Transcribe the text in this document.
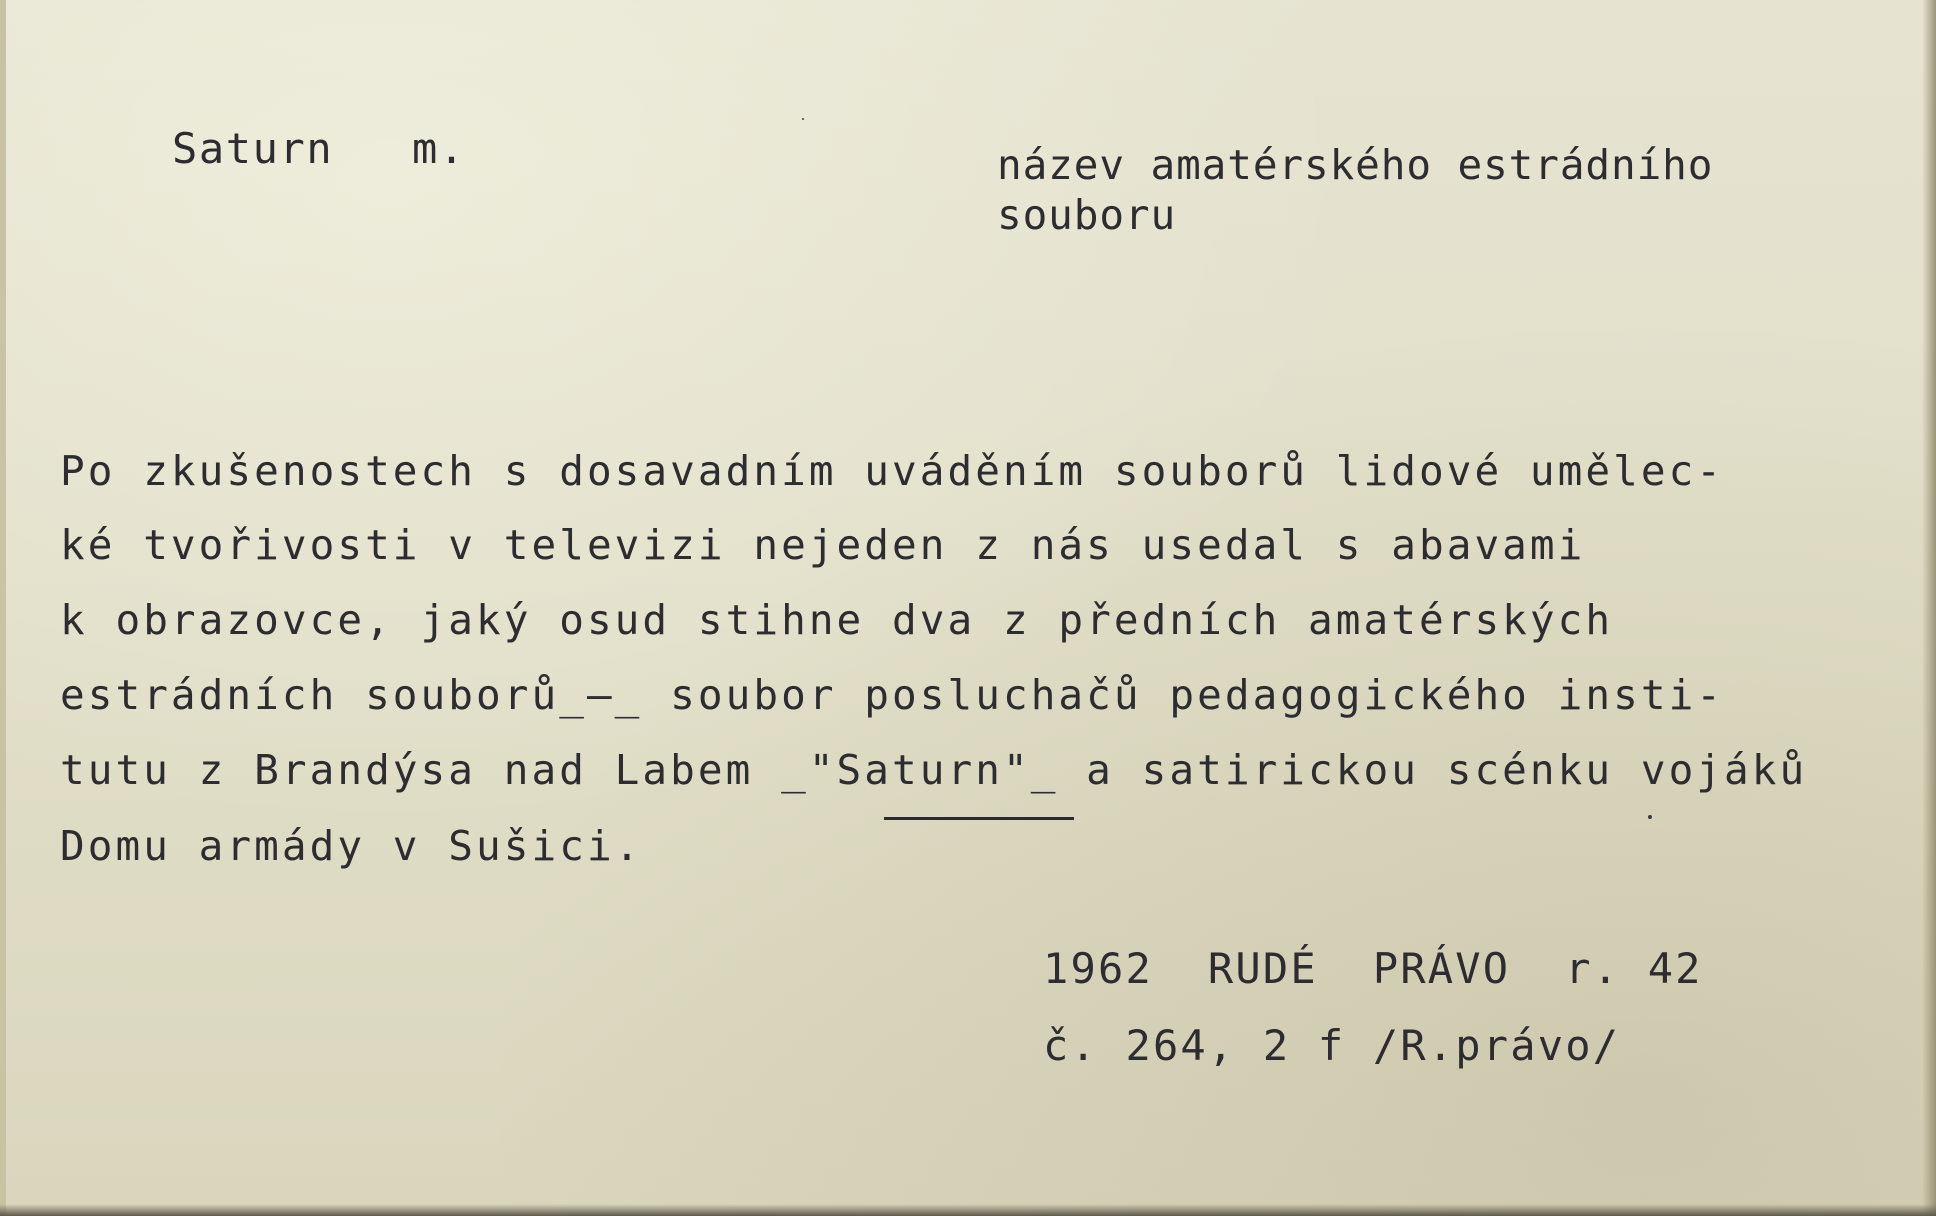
Saturn m.	název amatérského estrádního

souboru

Po zkušenostech s dosavadním uváděním souborů lidové umělec-

ké tvořivosti v televizi nejeden z nás usedal s abavami

k obrazovce, jaký osud stihne dva z předních amatérských

estrádních souborů_–_ soubor posluchačů pedagogického insti-

tutu z Brandýsa nad Labem _"Saturn"_ a satirickou scénku vojáků

Domu armády v Sušici.

1962  RUDÉ  PRÁVO  r. 42

č. 264, 2 f /R.právo/
